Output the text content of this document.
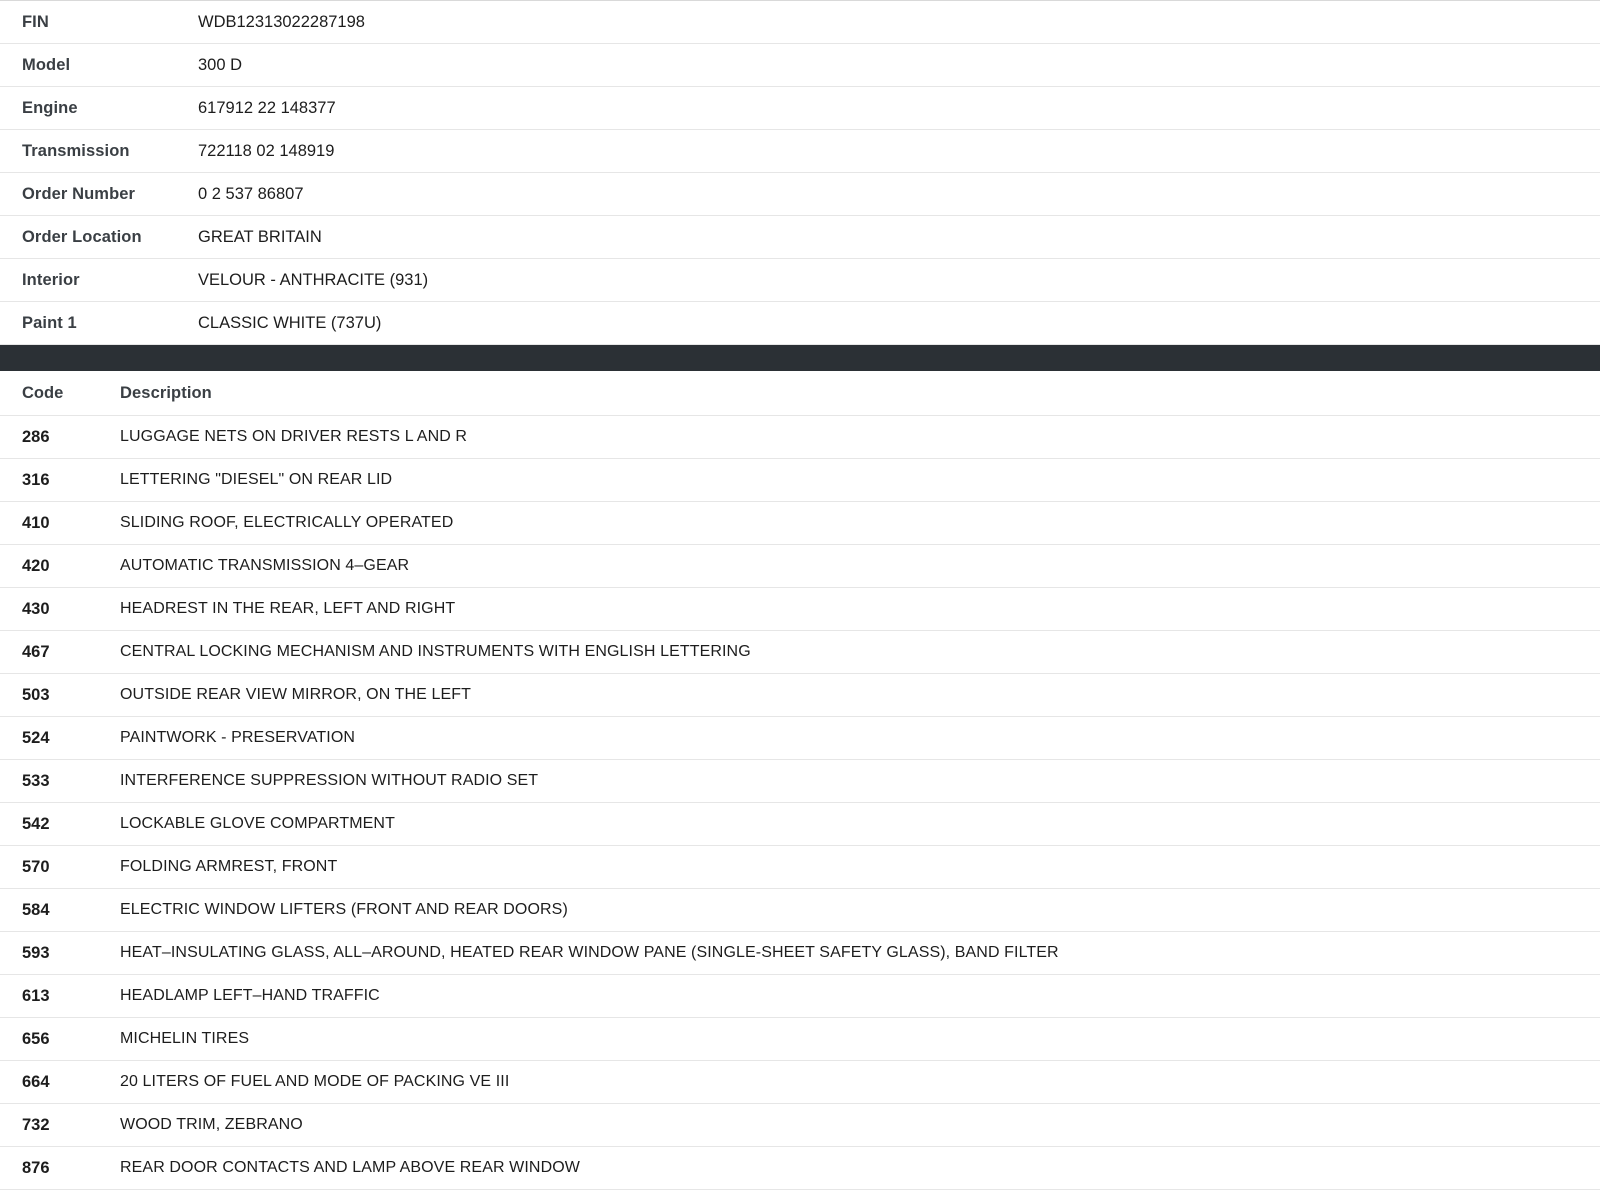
FIN	WDB12313022287198
Model	300 D
Engine	617912 22 148377
Transmission	722118 02 148919
Order Number	0 2 537 86807
Order Location	GREAT BRITAIN
Interior	VELOUR - ANTHRACITE (931)
Paint 1	CLASSIC WHITE (737U)
Code	Description
286	LUGGAGE NETS ON DRIVER RESTS L AND R
316	LETTERING "DIESEL" ON REAR LID
410	SLIDING ROOF, ELECTRICALLY OPERATED
420	AUTOMATIC TRANSMISSION 4–GEAR
430	HEADREST IN THE REAR, LEFT AND RIGHT
467	CENTRAL LOCKING MECHANISM AND INSTRUMENTS WITH ENGLISH LETTERING
503	OUTSIDE REAR VIEW MIRROR, ON THE LEFT
524	PAINTWORK - PRESERVATION
533	INTERFERENCE SUPPRESSION WITHOUT RADIO SET
542	LOCKABLE GLOVE COMPARTMENT
570	FOLDING ARMREST, FRONT
584	ELECTRIC WINDOW LIFTERS (FRONT AND REAR DOORS)
593	HEAT–INSULATING GLASS, ALL–AROUND, HEATED REAR WINDOW PANE (SINGLE-SHEET SAFETY GLASS), BAND FILTER
613	HEADLAMP LEFT–HAND TRAFFIC
656	MICHELIN TIRES
664	20 LITERS OF FUEL AND MODE OF PACKING VE III
732	WOOD TRIM, ZEBRANO
876	REAR DOOR CONTACTS AND LAMP ABOVE REAR WINDOW
